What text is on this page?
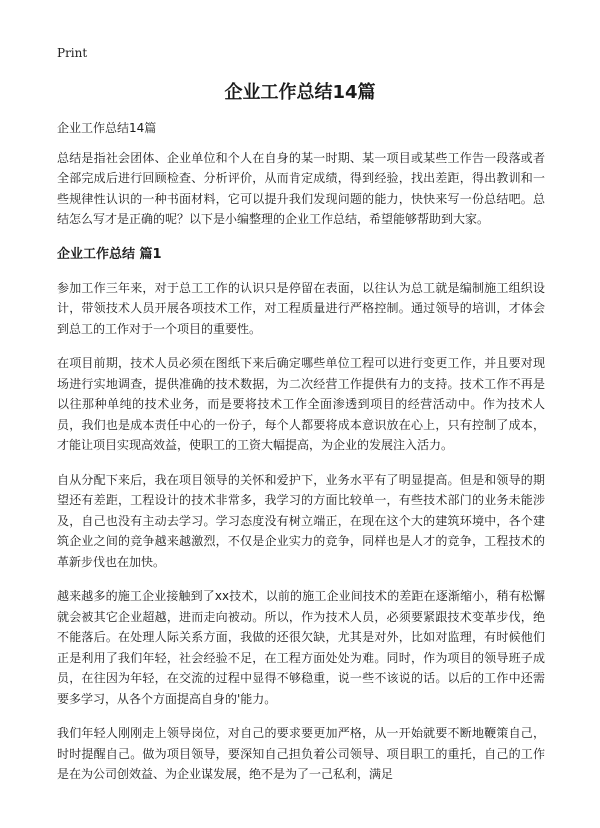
Print
企业工作总结14篇

企业工作总结14篇

总结是指社会团体、企业单位和个人在自身的某一时期、某一项目或某些工作告一段落或者全部完成后进行回顾检查、分析评价，从而肯定成绩，得到经验，找出差距，得出教训和一些规律性认识的一种书面材料，它可以提升我们发现问题的能力，快快来写一份总结吧。总结怎么写才是正确的呢？以下是小编整理的企业工作总结，希望能够帮助到大家。

企业工作总结 篇1

参加工作三年来，对于总工工作的认识只是停留在表面，以往认为总工就是编制施工组织设计，带领技术人员开展各项技术工作，对工程质量进行严格控制。通过领导的培训，才体会到总工的工作对于一个项目的重要性。

在项目前期，技术人员必须在图纸下来后确定哪些单位工程可以进行变更工作，并且要对现场进行实地调查，提供准确的技术数据，为二次经营工作提供有力的支持。技术工作不再是以往那种单纯的技术业务，而是要将技术工作全面渗透到项目的经营活动中。作为技术人员，我们也是成本责任中心的一份子，每个人都要将成本意识放在心上，只有控制了成本，才能让项目实现高效益，使职工的工资大幅提高，为企业的发展注入活力。

自从分配下来后，我在项目领导的关怀和爱护下，业务水平有了明显提高。但是和领导的期望还有差距，工程设计的技术非常多，我学习的方面比较单一，有些技术部门的业务未能涉及，自己也没有主动去学习。学习态度没有树立端正，在现在这个大的建筑环境中，各个建筑企业之间的竞争越来越激烈，不仅是企业实力的竞争，同样也是人才的竞争，工程技术的革新步伐也在加快。

越来越多的施工企业接触到了xx技术，以前的施工企业间技术的差距在逐渐缩小，稍有松懈就会被其它企业超越，进而走向被动。所以，作为技术人员，必须要紧跟技术变革步伐，绝不能落后。在处理人际关系方面，我做的还很欠缺，尤其是对外，比如对监理，有时候他们正是利用了我们年轻，社会经验不足，在工程方面处处为难。同时，作为项目的领导班子成员，在往因为年轻，在交流的过程中显得不够稳重，说一些不该说的话。以后的工作中还需要多学习，从各个方面提高自身的'能力。

我们年轻人刚刚走上领导岗位，对自己的要求要更加严格，从一开始就要不断地鞭策自己，时时提醒自己。做为项目领导，要深知自己担负着公司领导、项目职工的重托，自己的工作是在为公司创效益、为企业谋发展，绝不是为了一己私利，满足
